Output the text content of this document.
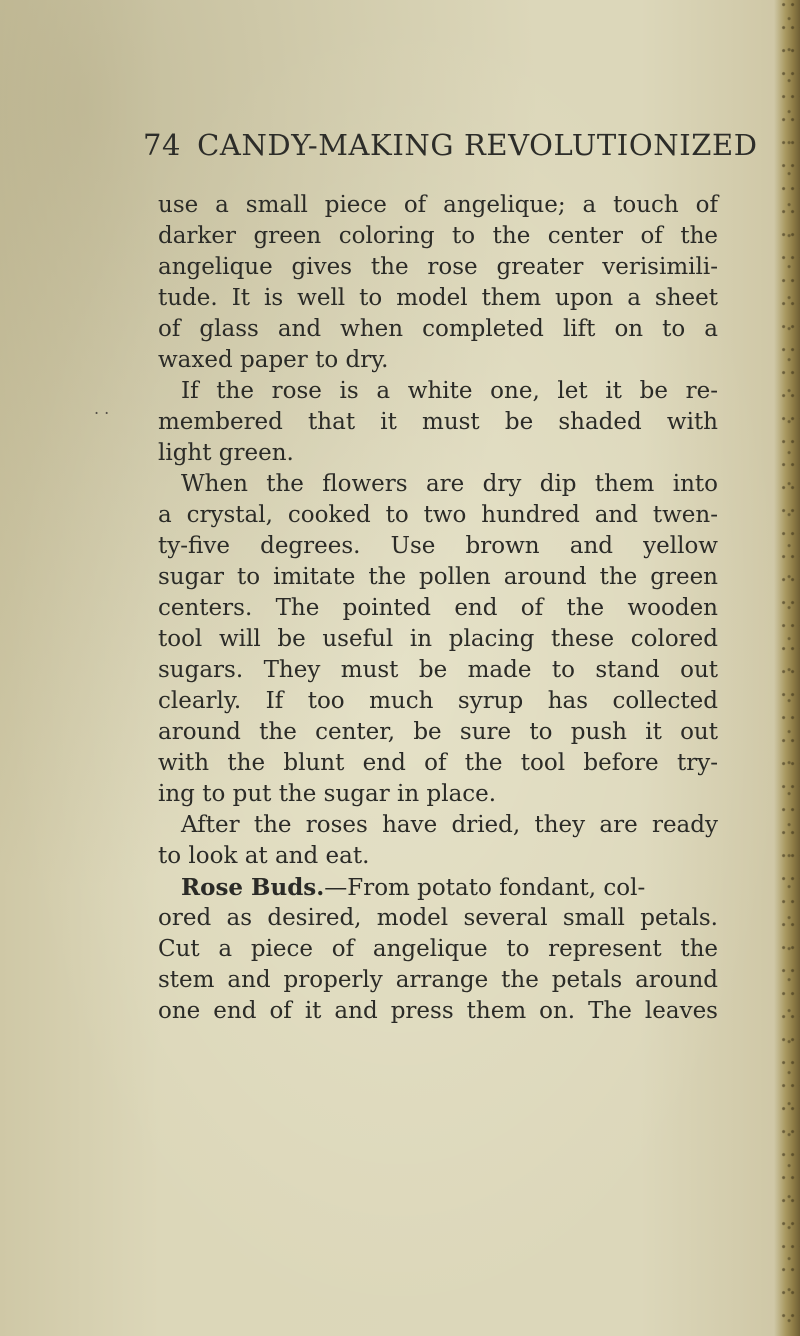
74 CANDY-MAKING REVOLUTIONIZED
. .
use a small piece of angelique; a touch of
darker green coloring to the center of the
angelique gives the rose greater verisimili-
tude. It is well to model them upon a sheet
of glass and when completed lift on to a
waxed paper to dry.
If the rose is a white one, let it be re-
membered that it must be shaded with
light green.
When the flowers are dry dip them into
a crystal, cooked to two hundred and twen-
ty-five degrees. Use brown and yellow
sugar to imitate the pollen around the green
centers. The pointed end of the wooden
tool will be useful in placing these colored
sugars. They must be made to stand out
clearly. If too much syrup has collected
around the center, be sure to push it out
with the blunt end of the tool before try-
ing to put the sugar in place.
After the roses have dried, they are ready
to look at and eat.
Rose Buds.—From potato fondant, col-
ored as desired, model several small petals.
Cut a piece of angelique to represent the
stem and properly arrange the petals around
one end of it and press them on. The leaves
